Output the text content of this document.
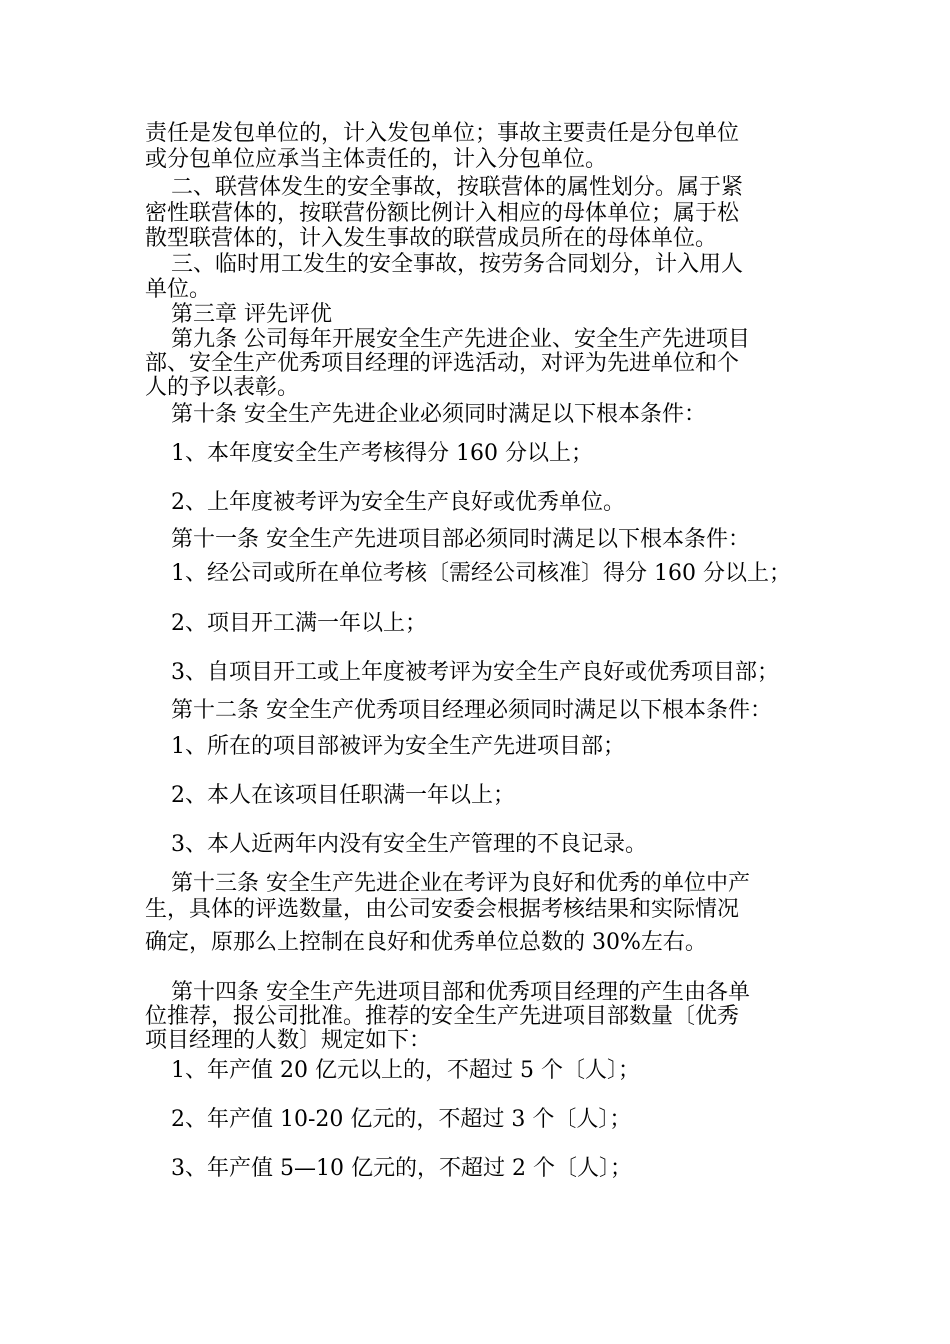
责任是发包单位的，计入发包单位；事故主要责任是分包单位
或分包单位应承当主体责任的，计入分包单位。
二、联营体发生的安全事故，按联营体的属性划分。属于紧
密性联营体的，按联营份额比例计入相应的母体单位；属于松
散型联营体的，计入发生事故的联营成员所在的母体单位。
三、临时用工发生的安全事故，按劳务合同划分，计入用人
单位。
第三章 评先评优
第九条 公司每年开展安全生产先进企业、安全生产先进项目
部、安全生产优秀项目经理的评选活动，对评为先进单位和个
人的予以表彰。
第十条 安全生产先进企业必须同时满足以下根本条件：
1、本年度安全生产考核得分 160 分以上；
2、上年度被考评为安全生产良好或优秀单位。
第十一条 安全生产先进项目部必须同时满足以下根本条件：
1、经公司或所在单位考核〔需经公司核准〕得分 160 分以上；
2、项目开工满一年以上；
3、自项目开工或上年度被考评为安全生产良好或优秀项目部；
第十二条 安全生产优秀项目经理必须同时满足以下根本条件：
1、所在的项目部被评为安全生产先进项目部；
2、本人在该项目任职满一年以上；
3、本人近两年内没有安全生产管理的不良记录。
第十三条 安全生产先进企业在考评为良好和优秀的单位中产
生，具体的评选数量，由公司安委会根据考核结果和实际情况
确定，原那么上控制在良好和优秀单位总数的 30%左右。
第十四条 安全生产先进项目部和优秀项目经理的产生由各单
位推荐，报公司批准。推荐的安全生产先进项目部数量〔优秀
项目经理的人数〕规定如下：
1、年产值 20 亿元以上的，不超过 5 个〔人〕；
2、年产值 10-20 亿元的，不超过 3 个〔人〕；
3、年产值 5—10 亿元的，不超过 2 个〔人〕；
